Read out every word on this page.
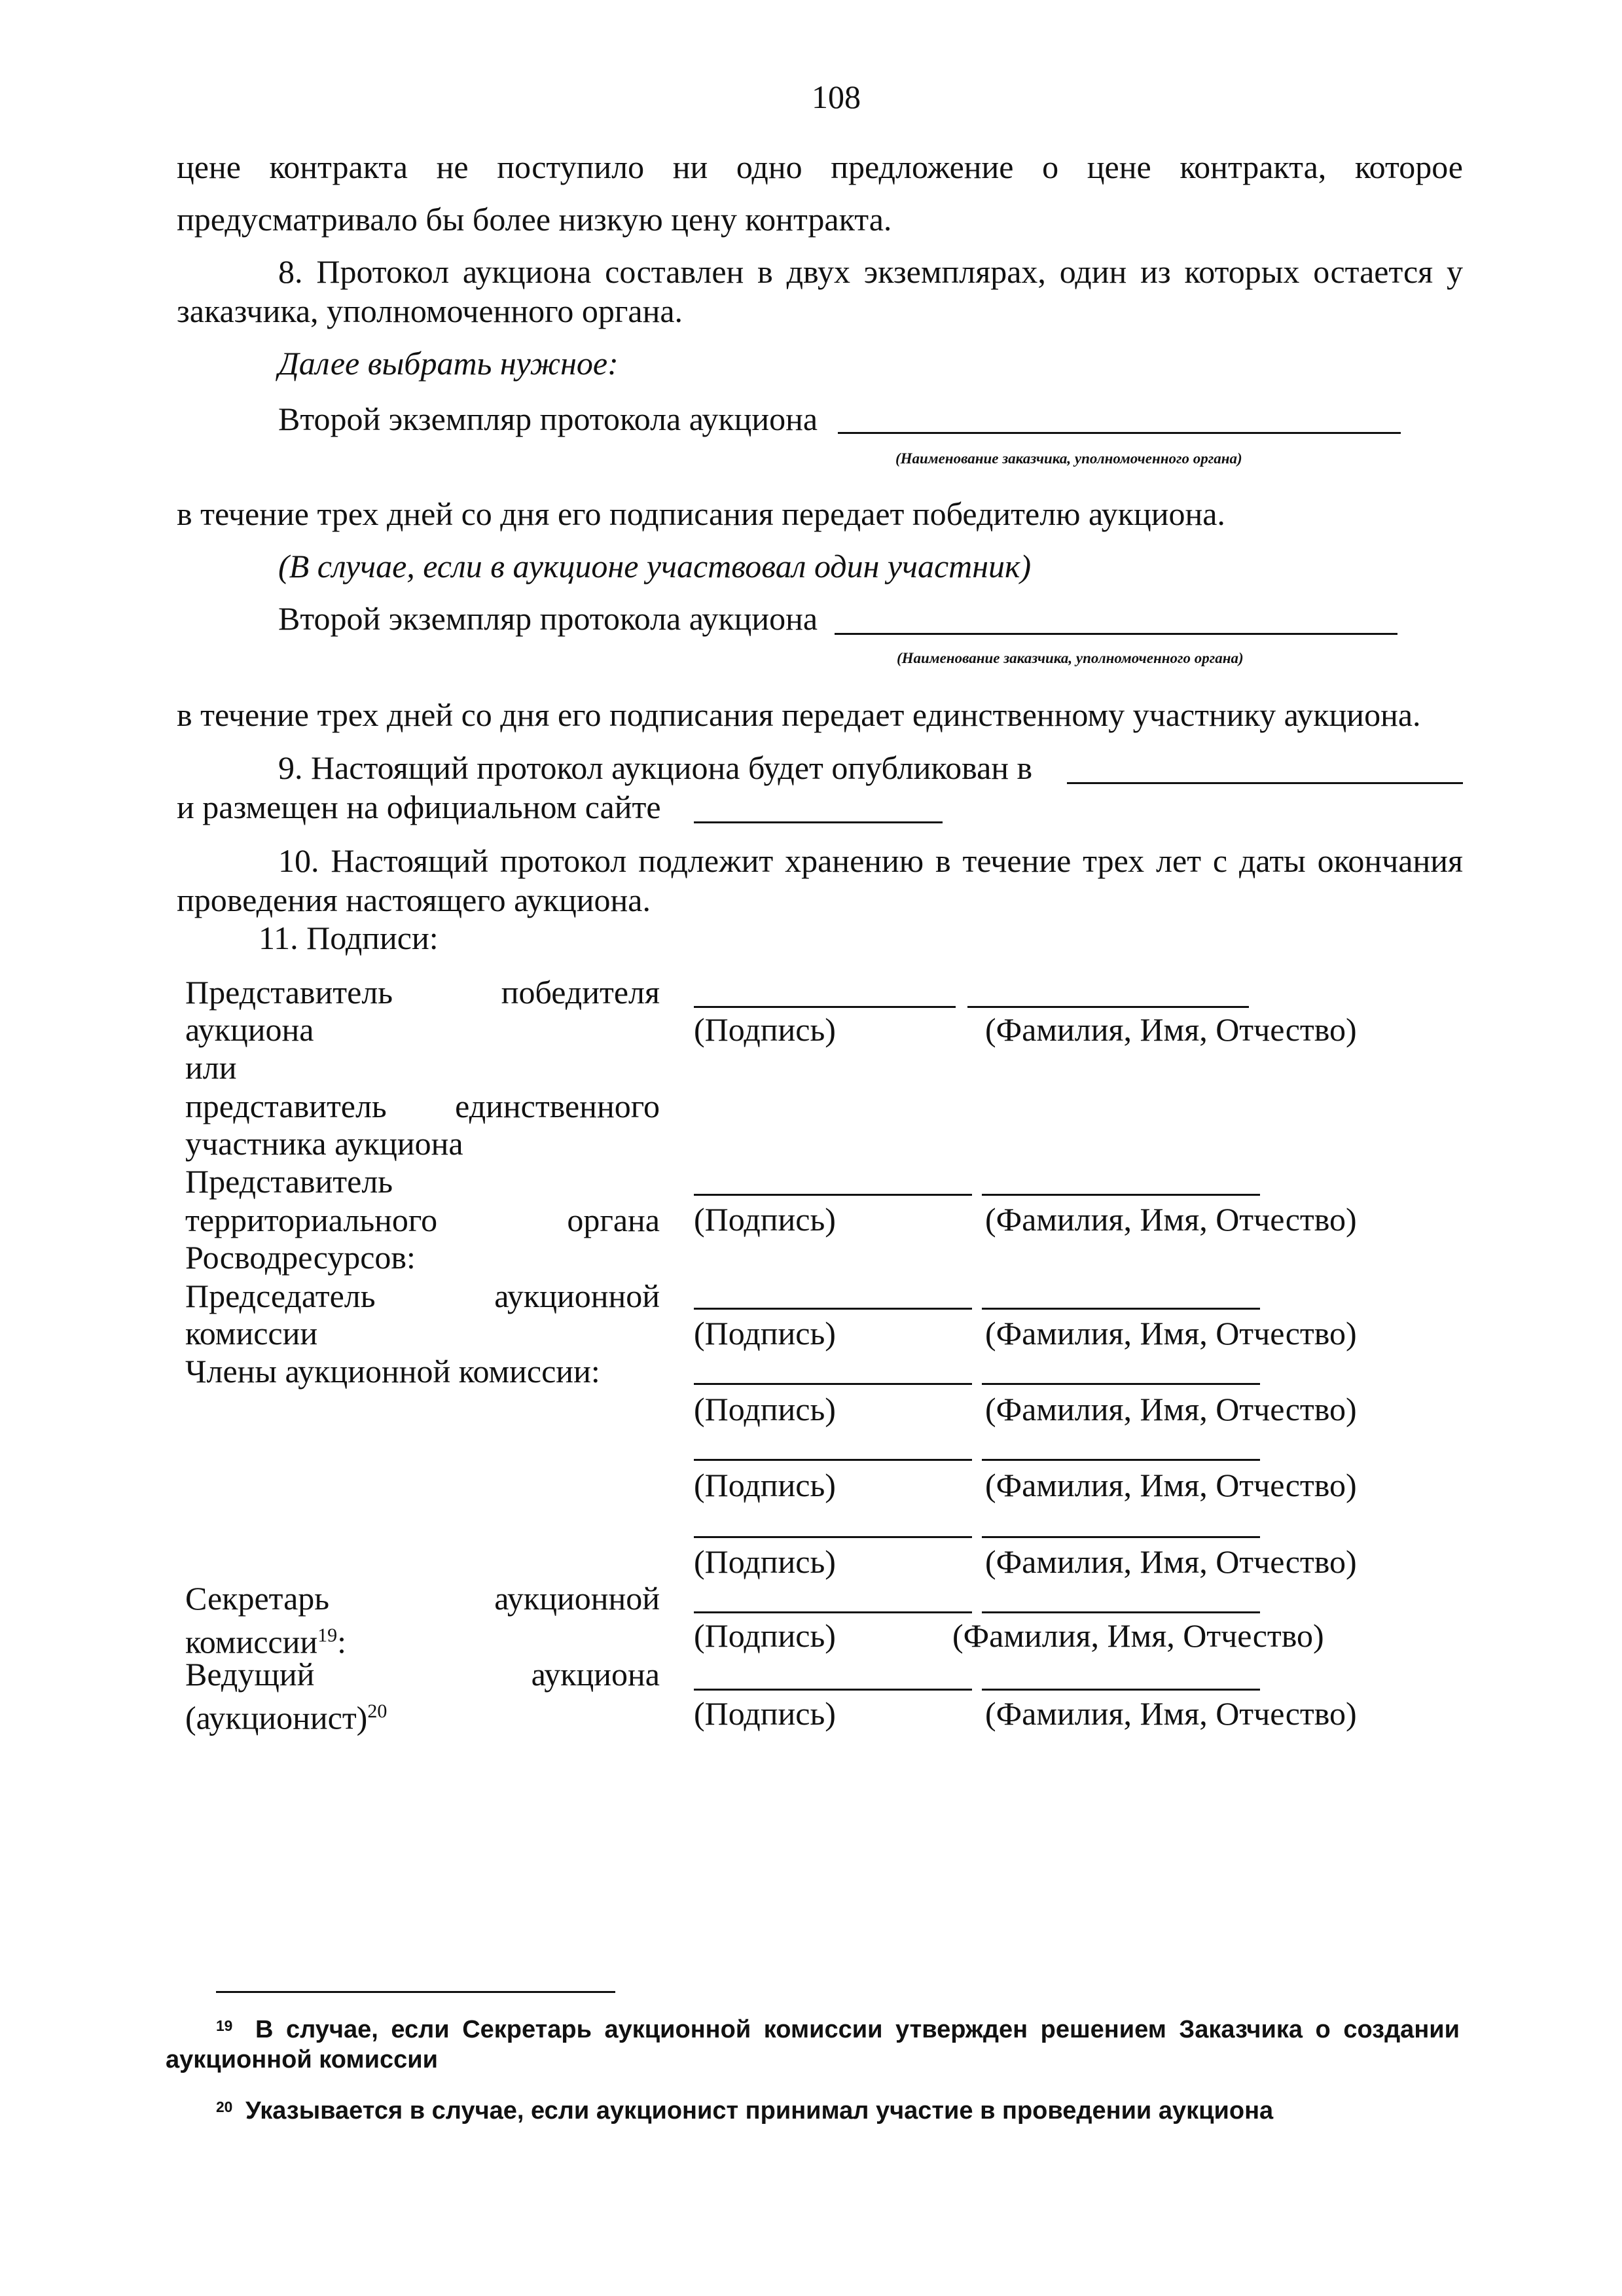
108
цене контракта не поступило ни одно предложение о цене контракта, которое
предусматривало бы более низкую цену контракта.
8. Протокол аукциона составлен в двух экземплярах, один из которых остается у
заказчика, уполномоченного органа.
Далее выбрать нужное:
Второй экземпляр протокола аукциона
(Наименование заказчика, уполномоченного органа)
в течение трех дней со дня его подписания передает победителю аукциона.
(В случае, если в аукционе участвовал один участник)
Второй экземпляр протокола аукциона
(Наименование заказчика, уполномоченного органа)
в течение трех дней со дня его подписания передает единственному участнику аукциона.
9. Настоящий протокол аукциона будет опубликован в
и размещен на официальном сайте
10. Настоящий протокол подлежит хранению в течение трех лет с даты окончания
проведения настоящего аукциона.
11. Подписи:
Представитель	победителя
аукциона
или
представитель единственного
участника аукциона
(Подпись)	(Фамилия, Имя, Отчество)
Представитель
территориального	органа
Росводресурсов:
(Подпись)	(Фамилия, Имя, Отчество)
Председатель	аукционной
комиссии	(Подпись)	(Фамилия, Имя, Отчество)
Члены аукционной комиссии:
(Подпись)	(Фамилия, Имя, Отчество)
(Подпись)	(Фамилия, Имя, Отчество)
(Подпись)	(Фамилия, Имя, Отчество)
Секретарь	аукционной
комиссии$^{19}$:	(Подпись)	(Фамилия, Имя, Отчество)
Ведущий	аукциона
(аукционист)$^{20}$	(Подпись)	(Фамилия, Имя, Отчество)
$^{19}$ В случае, если Секретарь аукционной комиссии утвержден решением Заказчика о создании
аукционной комиссии
$^{20}$ Указывается в случае, если аукционист принимал участие в проведении аукциона
